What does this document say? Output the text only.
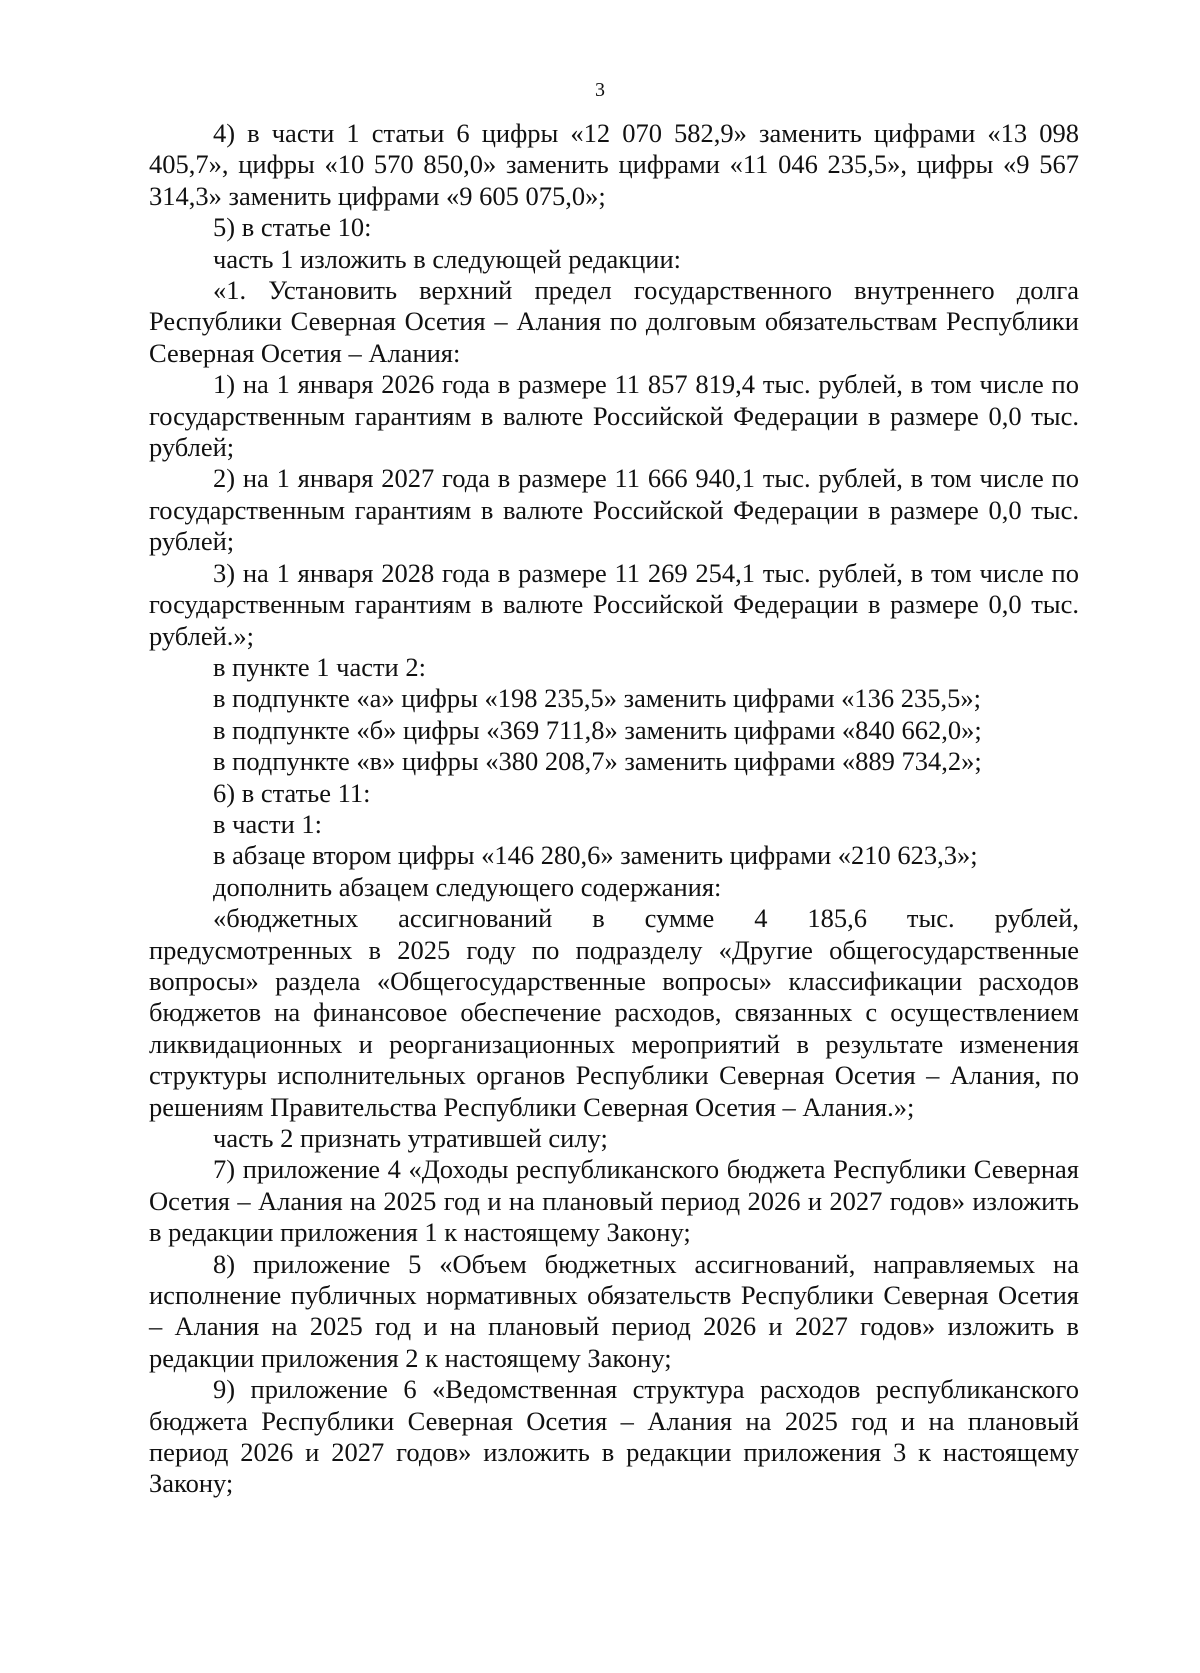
3

4) в части 1 статьи 6 цифры «12 070 582,9» заменить цифрами «13 098 405,7», цифры «10 570 850,0» заменить цифрами «11 046 235,5», цифры «9 567 314,3» заменить цифрами «9 605 075,0»;

5) в статье 10:

часть 1 изложить в следующей редакции:

«1. Установить верхний предел государственного внутреннего долга Республики Северная Осетия – Алания по долговым обязательствам Республики Северная Осетия – Алания:

1) на 1 января 2026 года в размере 11 857 819,4 тыс. рублей, в том числе по государственным гарантиям в валюте Российской Федерации в размере 0,0 тыс. рублей;

2) на 1 января 2027 года в размере 11 666 940,1 тыс. рублей, в том числе по государственным гарантиям в валюте Российской Федерации в размере 0,0 тыс. рублей;

3) на 1 января 2028 года в размере 11 269 254,1 тыс. рублей, в том числе по государственным гарантиям в валюте Российской Федерации в размере 0,0 тыс. рублей.»;

в пункте 1 части 2:

в подпункте «а» цифры «198 235,5» заменить цифрами «136 235,5»;

в подпункте «б» цифры «369 711,8» заменить цифрами «840 662,0»;

в подпункте «в» цифры «380 208,7» заменить цифрами «889 734,2»;

6) в статье 11:

в части 1:

в абзаце втором цифры «146 280,6» заменить цифрами «210 623,3»;

дополнить абзацем следующего содержания:

«бюджетных ассигнований в сумме 4 185,6 тыс. рублей,

предусмотренных в 2025 году по подразделу «Другие общегосударственные вопросы» раздела «Общегосударственные вопросы» классификации расходов бюджетов на финансовое обеспечение расходов, связанных с осуществлением ликвидационных и реорганизационных мероприятий в результате изменения структуры исполнительных органов Республики Северная Осетия – Алания, по решениям Правительства Республики Северная Осетия – Алания.»;

часть 2 признать утратившей силу;

7) приложение 4 «Доходы республиканского бюджета Республики Северная Осетия – Алания на 2025 год и на плановый период 2026 и 2027 годов» изложить в редакции приложения 1 к настоящему Закону;

8) приложение 5 «Объем бюджетных ассигнований, направляемых на исполнение публичных нормативных обязательств Республики Северная Осетия – Алания на 2025 год и на плановый период 2026 и 2027 годов» изложить в редакции приложения 2 к настоящему Закону;

9) приложение 6 «Ведомственная структура расходов республиканского бюджета Республики Северная Осетия – Алания на 2025 год и на плановый период 2026 и 2027 годов» изложить в редакции приложения 3 к настоящему Закону;
